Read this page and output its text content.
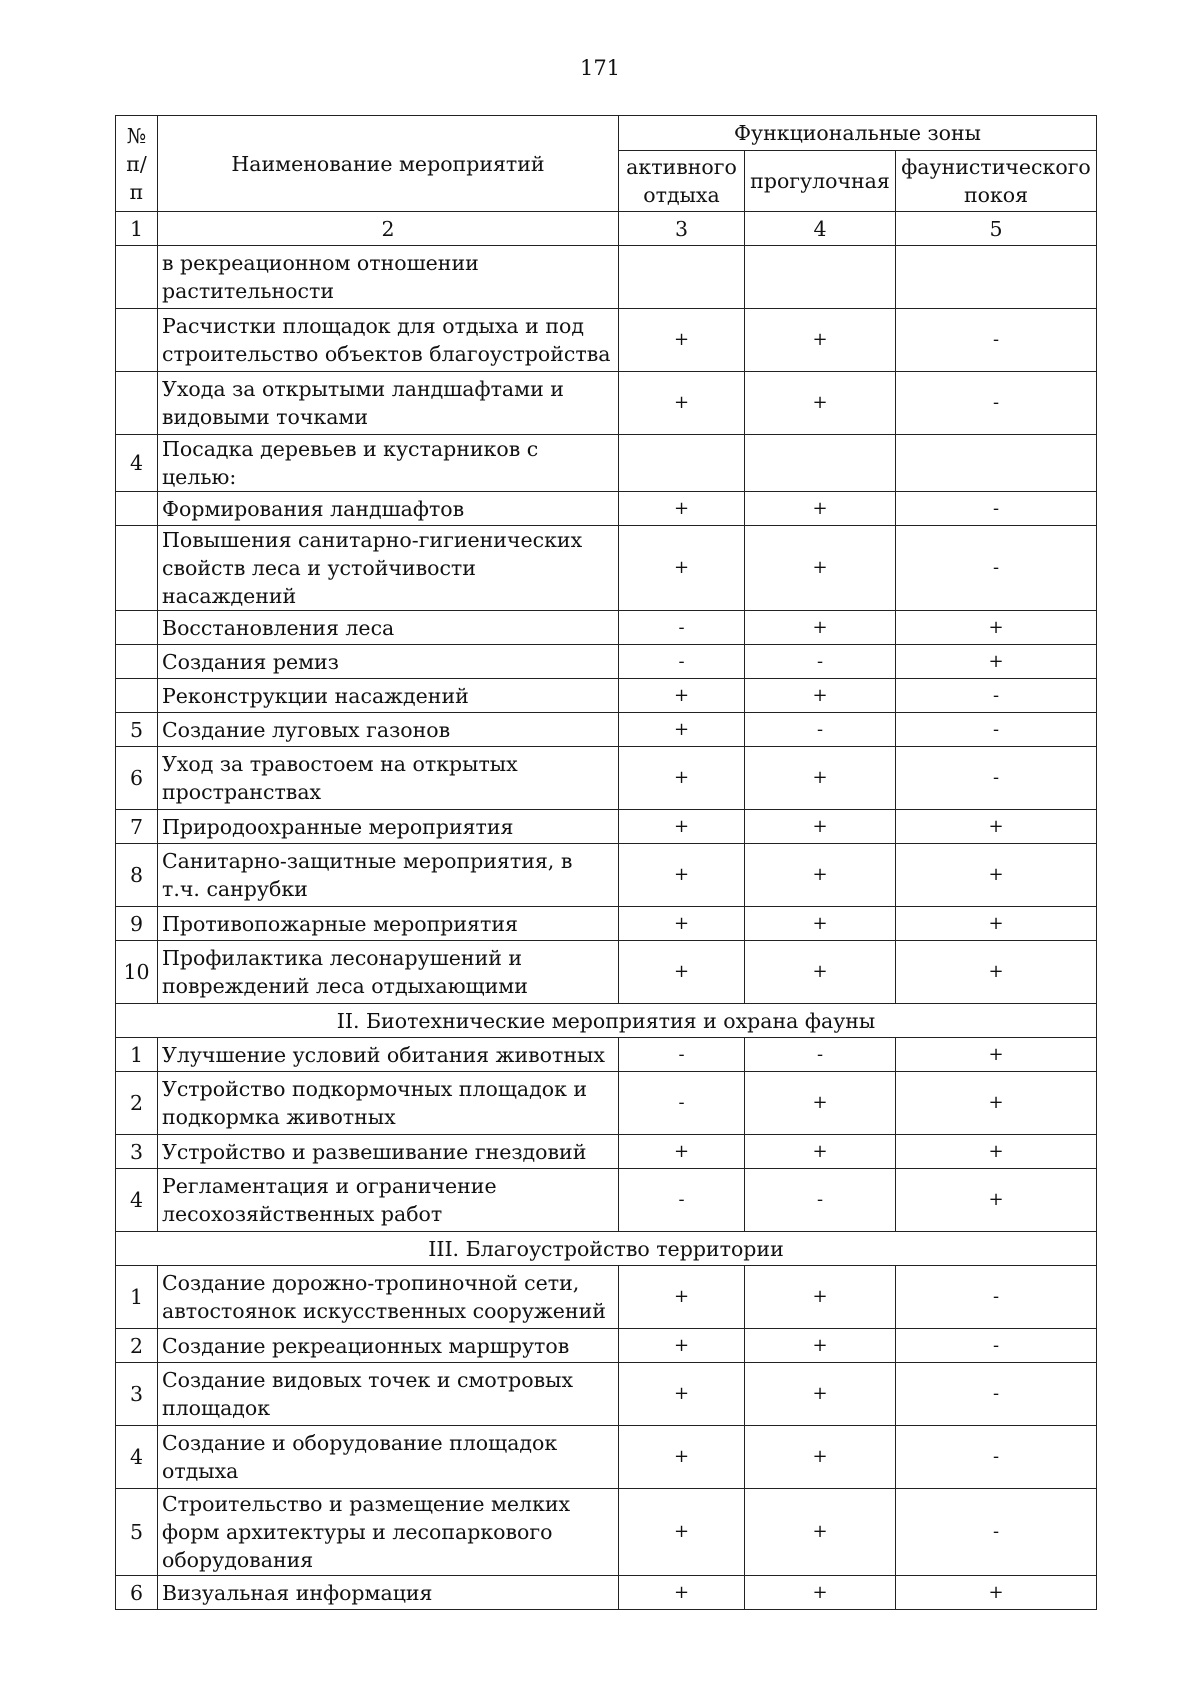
171
№ п/п	Наименование мероприятий	Функциональные зоны		
		активного отдыха	прогулочная	фаунистического покоя
1	2	3	4	5
	в рекреационном отношении растительности			
	Расчистки площадок для отдыха и под строительство объектов благоустройства	+	+	-
	Ухода за открытыми ландшафтами и видовыми точками	+	+	-
4	Посадка деревьев и кустарников с целью:			
	Формирования ландшафтов	+	+	-
	Повышения санитарно-гигиенических свойств леса и устойчивости насаждений	+	+	-
	Восстановления леса	-	+	+
	Создания ремиз	-	-	+
	Реконструкции насаждений	+	+	-
5	Создание луговых газонов	+	-	-
6	Уход за травостоем на открытых пространствах	+	+	-
7	Природоохранные мероприятия	+	+	+
8	Санитарно-защитные мероприятия, в т.ч. санрубки	+	+	+
9	Противопожарные мероприятия	+	+	+
10	Профилактика лесонарушений и повреждений леса отдыхающими	+	+	+
II. Биотехнические мероприятия и охрана фауны				
1	Улучшение условий обитания животных	-	-	+
2	Устройство подкормочных площадок и подкормка животных	-	+	+
3	Устройство и развешивание гнездовий	+	+	+
4	Регламентация и ограничение лесохозяйственных работ	-	-	+
III. Благоустройство территории				
1	Создание дорожно-тропиночной сети, автостоянок искусственных сооружений	+	+	-
2	Создание рекреационных маршрутов	+	+	-
3	Создание видовых точек и смотровых площадок	+	+	-
4	Создание и оборудование площадок отдыха	+	+	-
5	Строительство и размещение мелких форм архитектуры и лесопаркового оборудования	+	+	-
6	Визуальная информация	+	+	+
